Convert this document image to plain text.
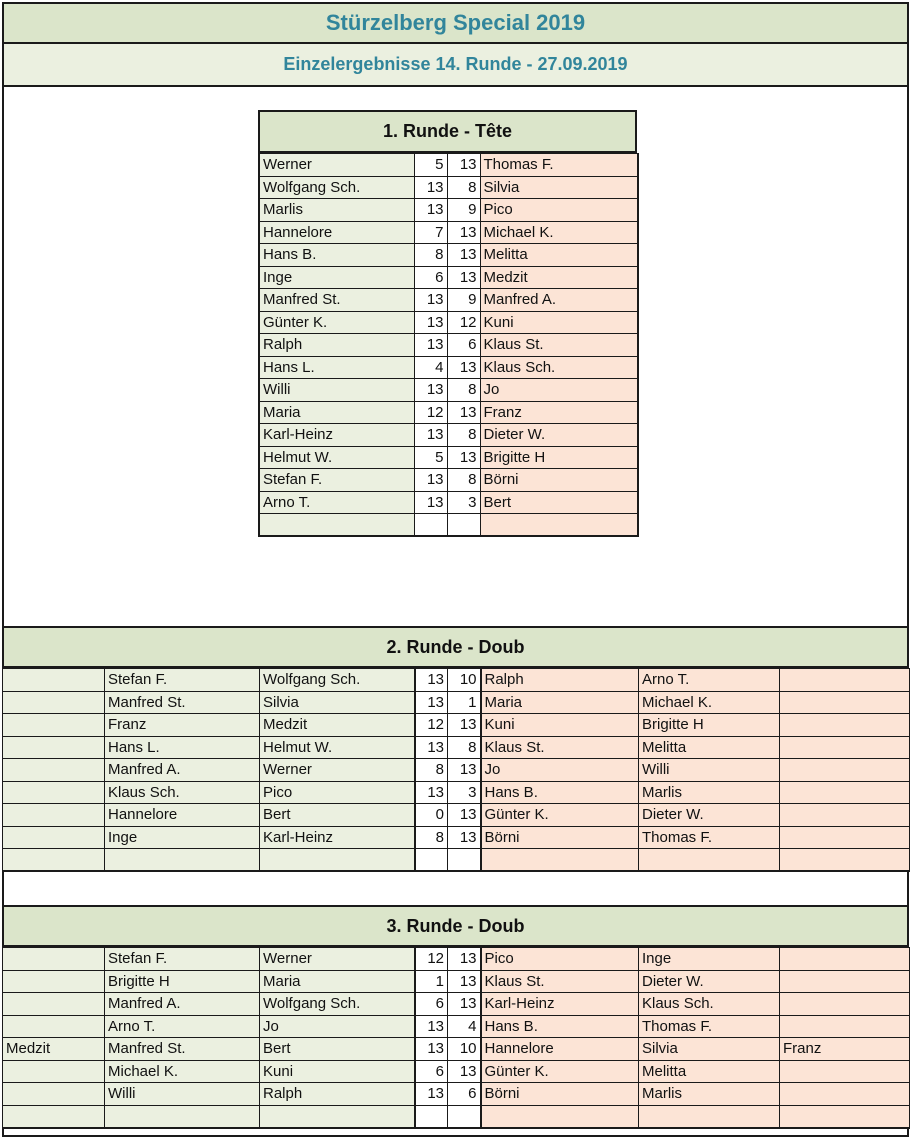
Stürzelberg Special 2019
Einzelergebnisse 14. Runde - 27.09.2019
1. Runde - Tête
Werner	5	13	Thomas F.
Wolfgang Sch.	13	8	Silvia
Marlis	13	9	Pico
Hannelore	7	13	Michael K.
Hans B.	8	13	Melitta
Inge	6	13	Medzit
Manfred St.	13	9	Manfred A.
Günter K.	13	12	Kuni
Ralph	13	6	Klaus St.
Hans L.	4	13	Klaus Sch.
Willi	13	8	Jo
Maria	12	13	Franz
Karl-Heinz	13	8	Dieter W.
Helmut W.	5	13	Brigitte H
Stefan F.	13	8	Börni
Arno T.	13	3	Bert

2. Runde - Doub
	Stefan F.	Wolfgang Sch.	13	10	Ralph	Arno T.	
	Manfred St.	Silvia	13	1	Maria	Michael K.	
	Franz	Medzit	12	13	Kuni	Brigitte H	
	Hans L.	Helmut W.	13	8	Klaus St.	Melitta	
	Manfred A.	Werner	8	13	Jo	Willi	
	Klaus Sch.	Pico	13	3	Hans B.	Marlis	
	Hannelore	Bert	0	13	Günter K.	Dieter W.	
	Inge	Karl-Heinz	8	13	Börni	Thomas F.	

3. Runde - Doub
	Stefan F.	Werner	12	13	Pico	Inge	
	Brigitte H	Maria	1	13	Klaus St.	Dieter W.	
	Manfred A.	Wolfgang Sch.	6	13	Karl-Heinz	Klaus Sch.	
	Arno T.	Jo	13	4	Hans B.	Thomas F.	
Medzit	Manfred St.	Bert	13	10	Hannelore	Silvia	Franz
	Michael K.	Kuni	6	13	Günter K.	Melitta	
	Willi	Ralph	13	6	Börni	Marlis	
